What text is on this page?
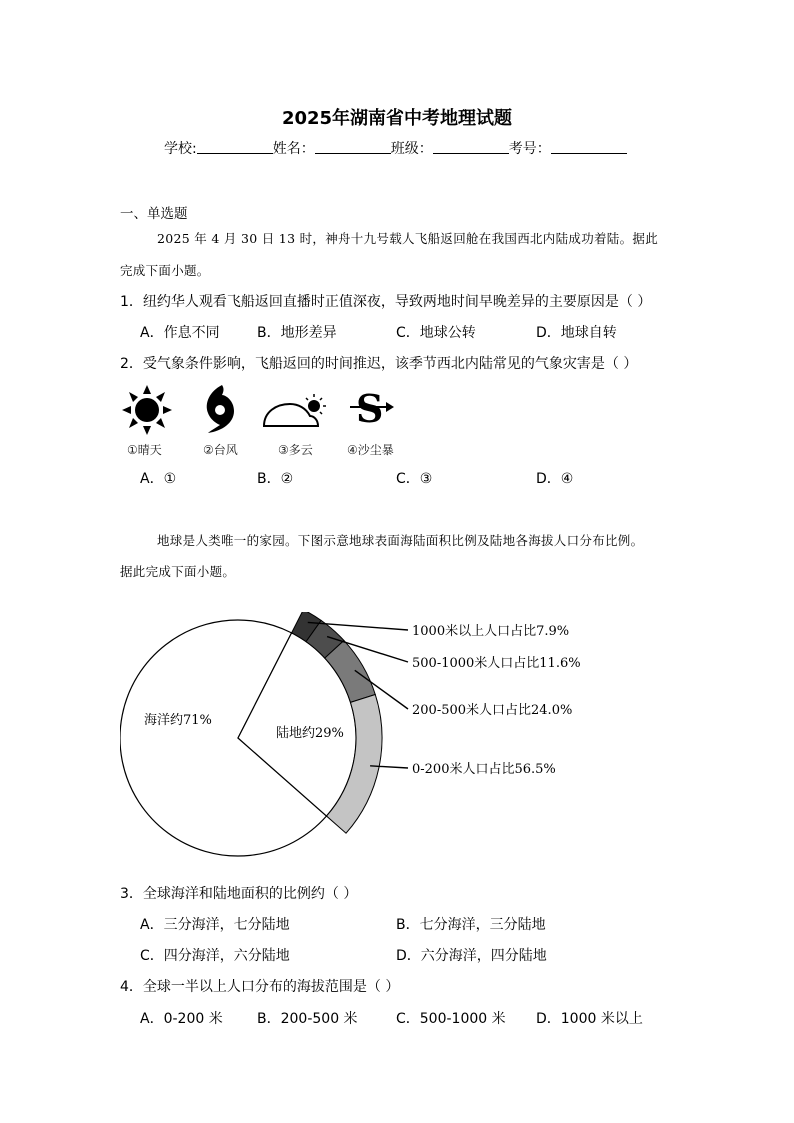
2025年湖南省中考地理试题
学校:	姓名：	班级：	考号：
一、单选题
2025 年 4 月 30 日 13 时，神舟十九号载人飞船返回舱在我国西北内陆成功着陆。据此
完成下面小题。
1．纽约华人观看飞船返回直播时正值深夜，导致两地时间早晚差异的主要原因是（ ）
A．作息不同	B．地形差异	C．地球公转	D．地球自转
2．受气象条件影响，飞船返回的时间推迟，该季节西北内陆常见的气象灾害是（ ）
S
①晴天	②台风	③多云	④沙尘暴
A．①	B．②	C．③	D．④
地球是人类唯一的家园。下图示意地球表面海陆面积比例及陆地各海拔人口分布比例。
据此完成下面小题。
1000米以上人口占比7.9%
500-1000米人口占比11.6%
200-500米人口占比24.0%
0-200米人口占比56.5%
海洋约71%
陆地约29%
3．全球海洋和陆地面积的比例约（ ）
A．三分海洋，七分陆地	B．七分海洋，三分陆地
C．四分海洋，六分陆地	D．六分海洋，四分陆地
4．全球一半以上人口分布的海拔范围是（ ）
A．0-200 米 B．200-500 米	C．500-1000 米 D．1000 米以上
